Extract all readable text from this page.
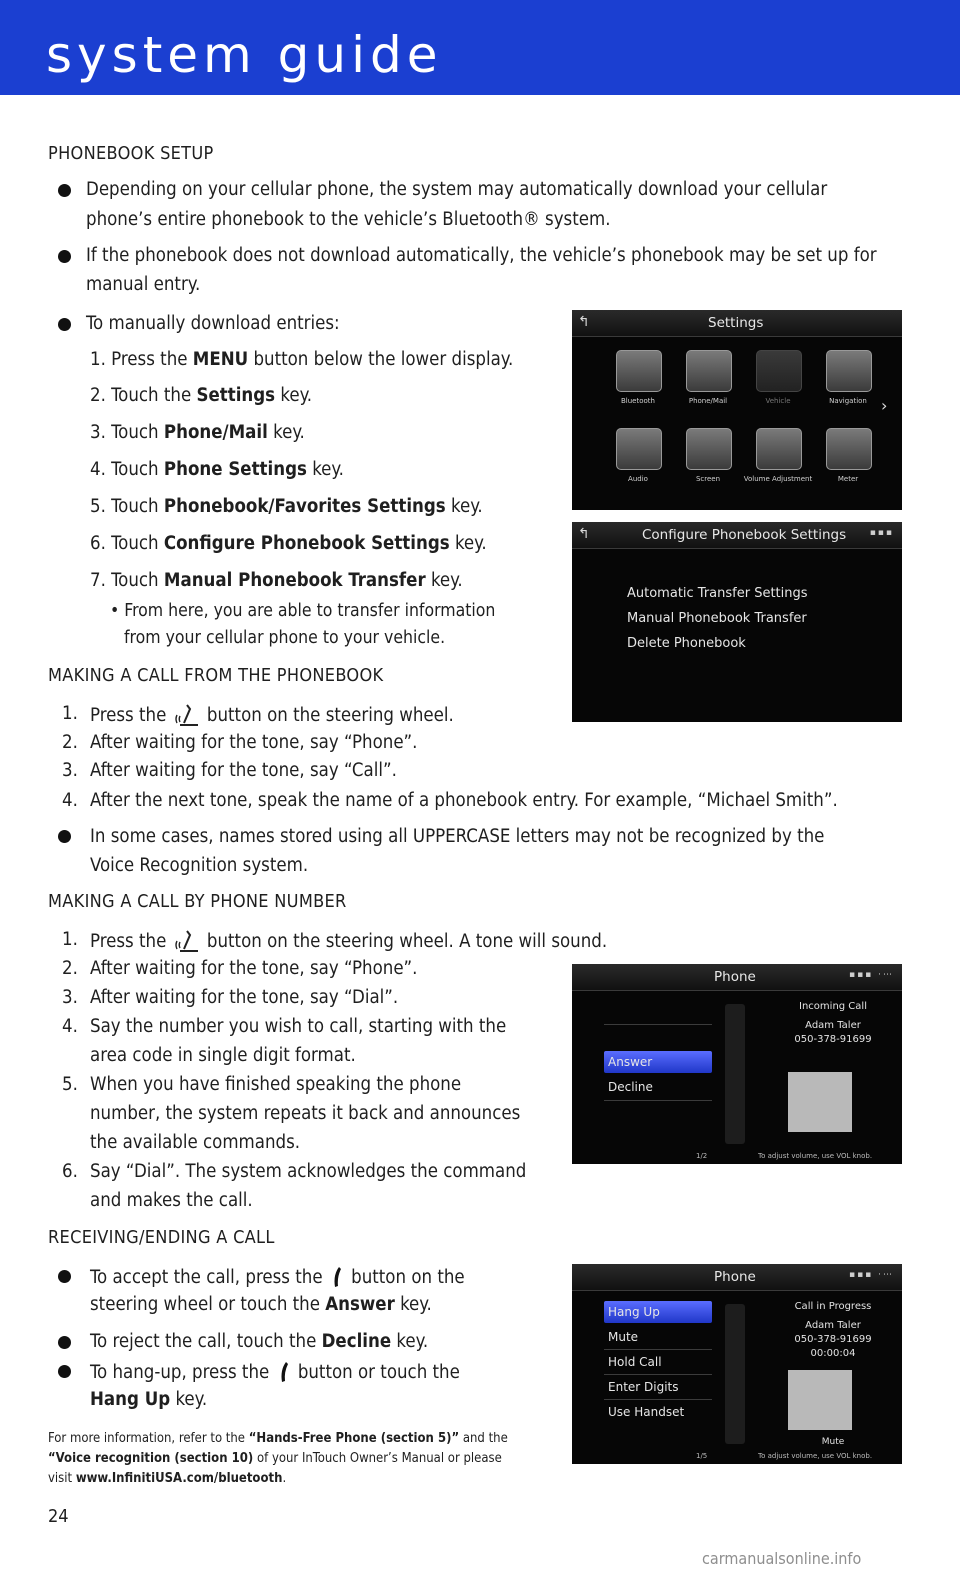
system guide
PHONEBOOK SETUP
Depending on your cellular phone, the system may automatically download your cellular
phone’s entire phonebook to the vehicle’s Bluetooth® system.
If the phonebook does not download automatically, the vehicle’s phonebook may be set up for
manual entry.
To manually download entries:
1. Press the MENU button below the lower display.
2. Touch the Settings key.
3. Touch Phone/Mail key.
4. Touch Phone Settings key.
5. Touch Phonebook/Favorites Settings key.
6. Touch Configure Phonebook Settings key.
7. Touch Manual Phonebook Transfer key.
• From here, you are able to transfer information
from your cellular phone to your vehicle.
MAKING A CALL FROM THE PHONEBOOK
1. Press the  button on the steering wheel.
2. After waiting for the tone, say “Phone”.
3. After waiting for the tone, say “Call”.
4. After the next tone, speak the name of a phonebook entry. For example, “Michael Smith”.
In some cases, names stored using all UPPERCASE letters may not be recognized by the
Voice Recognition system.
MAKING A CALL BY PHONE NUMBER
1. Press the  button on the steering wheel. A tone will sound.
2. After waiting for the tone, say “Phone”.
3. After waiting for the tone, say “Dial”.
4. Say the number you wish to call, starting with the
area code in single digit format.
5. When you have finished speaking the phone
number, the system repeats it back and announces
the available commands.
6. Say “Dial”. The system acknowledges the command
and makes the call.
RECEIVING/ENDING A CALL
To accept the call, press the  button on the
steering wheel or touch the Answer key.
To reject the call, touch the Decline key.
To hang-up, press the  button or touch the
Hang Up key.
For more information, refer to the “Hands-Free Phone (section 5)” and the
“Voice recognition (section 10) of your InTouch Owner’s Manual or please
visit www.InfinitiUSA.com/bluetooth.
24
carmanualsonline.info
↰	Settings
Bluetooth	Phone/Mail	Vehicle	Navigation
Audio	Screen	Volume Adjustment	Meter
›
↰	Configure Phonebook Settings	▪▪▪
Automatic Transfer Settings
Manual Phonebook Transfer
Delete Phonebook
Phone	▪▪▪ ·⋯
Answer
Decline
Incoming Call
Adam Taler
050-378-91699
1/2	To adjust volume, use VOL knob.
Phone	▪▪▪ ·⋯
Hang Up
Mute
Hold Call
Enter Digits
Use Handset
Call in Progress
Adam Taler
050-378-91699
00:00:04
Mute
1/5	To adjust volume, use VOL knob.
